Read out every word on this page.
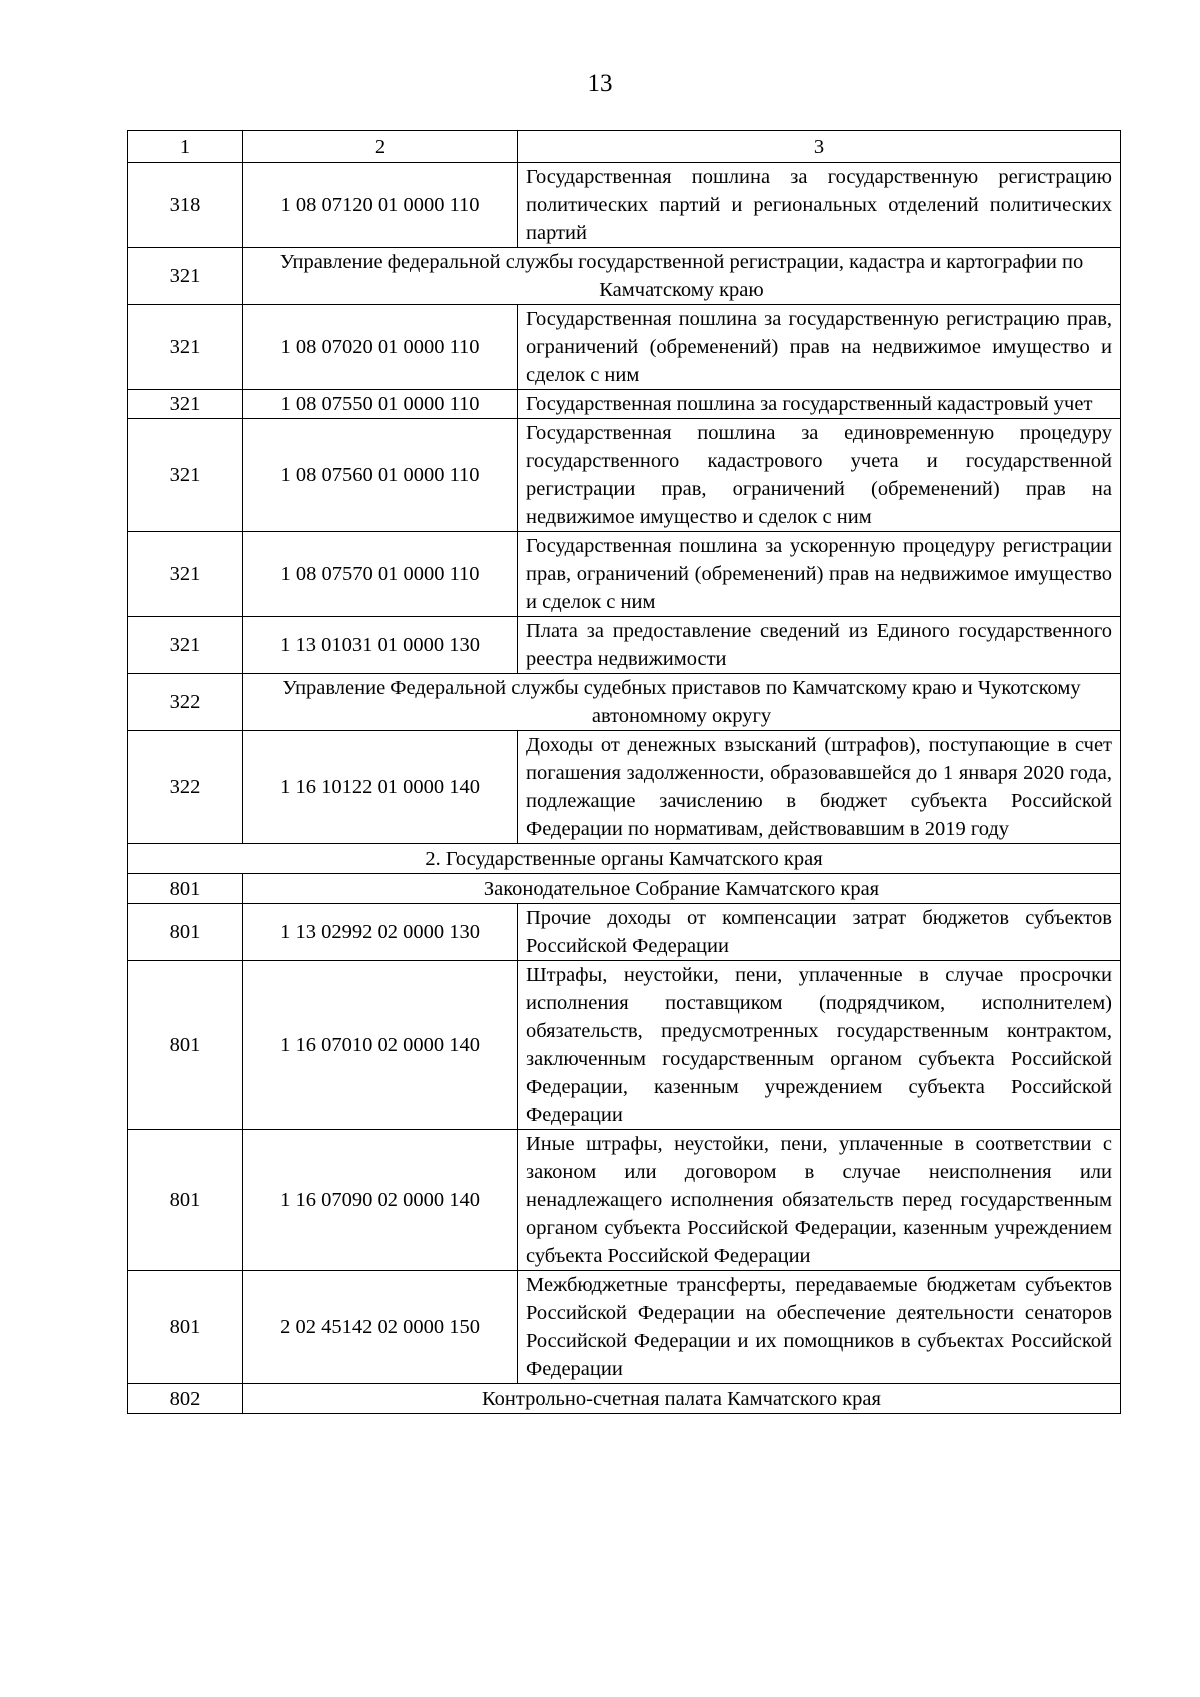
13
1	2	3
318	1 08 07120 01 0000 110	Государственная пошлина за государственную регистрацию политических партий и региональных отделений политических партий
321	Управление федеральной службы государственной регистрации, кадастра и картографии по Камчатскому краю	
321	1 08 07020 01 0000 110	Государственная пошлина за государственную регистрацию прав, ограничений (обременений) прав на недвижимое имущество и сделок с ним
321	1 08 07550 01 0000 110	Государственная пошлина за государственный кадастровый учет
321	1 08 07560 01 0000 110	Государственная пошлина за единовременную процедуру государственного кадастрового учета и государственной регистрации прав, ограничений (обременений) прав на недвижимое имущество и сделок с ним
321	1 08 07570 01 0000 110	Государственная пошлина за ускоренную процедуру регистрации прав, ограничений (обременений) прав на недвижимое имущество и сделок с ним
321	1 13 01031 01 0000 130	Плата за предоставление сведений из Единого государственного реестра недвижимости
322	Управление Федеральной службы судебных приставов по Камчатскому краю и Чукотскому автономному округу	
322	1 16 10122 01 0000 140	Доходы от денежных взысканий (штрафов), поступающие в счет погашения задолженности, образовавшейся до 1 января 2020 года, подлежащие зачислению в бюджет субъекта Российской Федерации по нормативам, действовавшим в 2019 году
2. Государственные органы Камчатского края		
801	Законодательное Собрание Камчатского края	
801	1 13 02992 02 0000 130	Прочие доходы от компенсации затрат бюджетов субъектов Российской Федерации
801	1 16 07010 02 0000 140	Штрафы, неустойки, пени, уплаченные в случае просрочки исполнения поставщиком (подрядчиком, исполнителем) обязательств, предусмотренных государственным контрактом, заключенным государственным органом субъекта Российской Федерации, казенным учреждением субъекта Российской Федерации
801	1 16 07090 02 0000 140	Иные штрафы, неустойки, пени, уплаченные в соответствии с законом или договором в случае неисполнения или ненадлежащего исполнения обязательств перед государственным органом субъекта Российской Федерации, казенным учреждением субъекта Российской Федерации
801	2 02 45142 02 0000 150	Межбюджетные трансферты, передаваемые бюджетам субъектов Российской Федерации на обеспечение деятельности сенаторов Российской Федерации и их помощников в субъектах Российской Федерации
802	Контрольно-счетная палата Камчатского края	
